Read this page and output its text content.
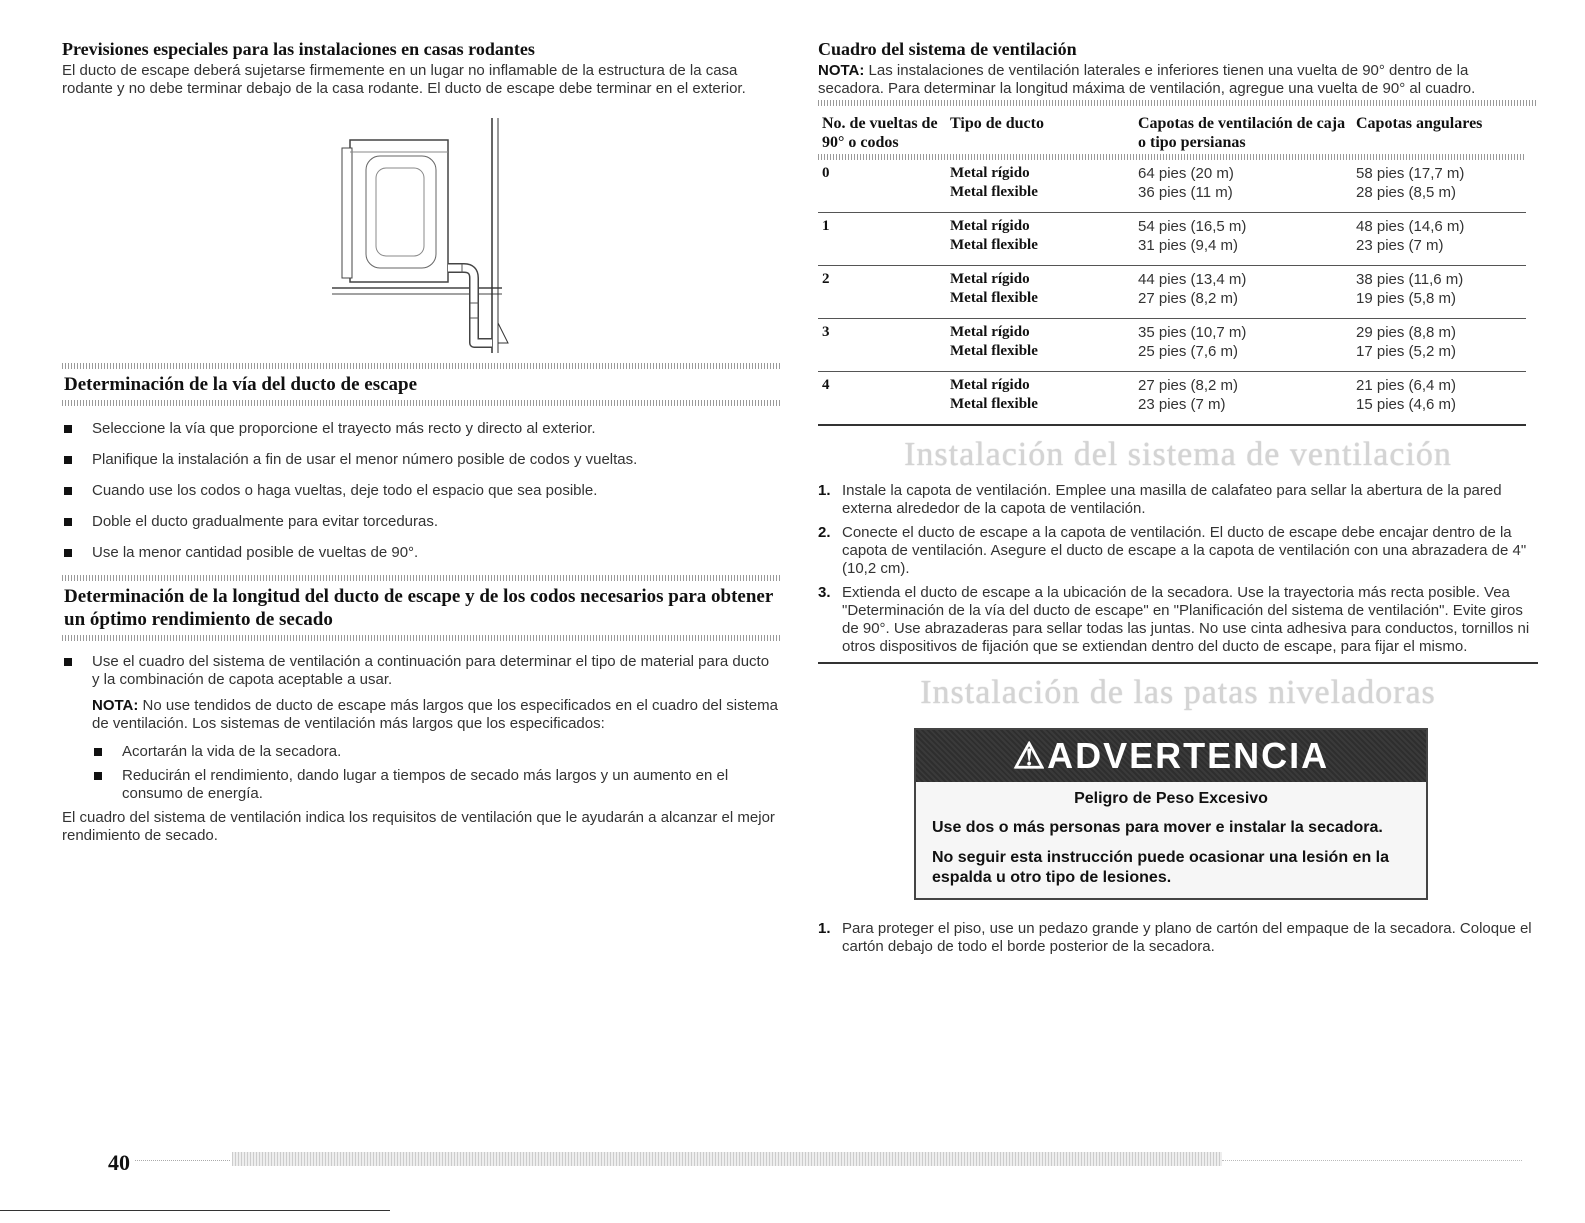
Previsiones especiales para las instalaciones en casas rodantes

El ducto de escape deberá sujetarse firmemente en un lugar no inflamable de la estructura de la casa rodante y no debe terminar debajo de la casa rodante. El ducto de escape debe terminar en el exterior.

Determinación de la vía del ducto de escape
Seleccione la vía que proporcione el trayecto más recto y directo al exterior.
Planifique la instalación a fin de usar el menor número posible de codos y vueltas.
Cuando use los codos o haga vueltas, deje todo el espacio que sea posible.
Doble el ducto gradualmente para evitar torceduras.
Use la menor cantidad posible de vueltas de 90°.
Determinación de la longitud del ducto de escape y de los codos necesarios para obtener un óptimo rendimiento de secado
Use el cuadro del sistema de ventilación a continuación para determinar el tipo de material para ducto y la combinación de capota aceptable a usar.

NOTA: No use tendidos de ducto de escape más largos que los especificados en el cuadro del sistema de ventilación. Los sistemas de ventilación más largos que los especificados:

Acortarán la vida de la secadora.
Reducirán el rendimiento, dando lugar a tiempos de secado más largos y un aumento en el consumo de energía.

El cuadro del sistema de ventilación indica los requisitos de ventilación que le ayudarán a alcanzar el mejor rendimiento de secado.

Cuadro del sistema de ventilación

NOTA: Las instalaciones de ventilación laterales e inferiores tienen una vuelta de 90° dentro de la secadora. Para determinar la longitud máxima de ventilación, agregue una vuelta de 90° al cuadro.

No. de vueltas de 90° o codos	Tipo de ducto	Capotas de ventilación de caja o tipo persianas	Capotas angulares

0	Metal rígido	64 pies (20 m)	58 pies (17,7 m)
	Metal flexible	36 pies (11 m)	28 pies (8,5 m)
1	Metal rígido	54 pies (16,5 m)	48 pies (14,6 m)
	Metal flexible	31 pies (9,4 m)	23 pies (7 m)
2	Metal rígido	44 pies (13,4 m)	38 pies (11,6 m)
	Metal flexible	27 pies (8,2 m)	19 pies (5,8 m)
3	Metal rígido	35 pies (10,7 m)	29 pies (8,8 m)
	Metal flexible	25 pies (7,6 m)	17 pies (5,2 m)
4	Metal rígido	27 pies (8,2 m)	21 pies (6,4 m)
	Metal flexible	23 pies (7 m)	15 pies (4,6 m)
Instalación del sistema de ventilación
1. Instale la capota de ventilación. Emplee una masilla de calafateo para sellar la abertura de la pared externa alrededor de la capota de ventilación.
2. Conecte el ducto de escape a la capota de ventilación. El ducto de escape debe encajar dentro de la capota de ventilación. Asegure el ducto de escape a la capota de ventilación con una abrazadera de 4" (10,2 cm).
3. Extienda el ducto de escape a la ubicación de la secadora. Use la trayectoria más recta posible. Vea "Determinación de la vía del ducto de escape" en "Planificación del sistema de ventilación". Evite giros de 90°. Use abrazaderas para sellar todas las juntas. No use cinta adhesiva para conductos, tornillos ni otros dispositivos de fijación que se extiendan dentro del ducto de escape, para fijar el mismo.
Instalación de las patas niveladoras
⚠ADVERTENCIA

Peligro de Peso Excesivo

Use dos o más personas para mover e instalar la secadora.

No seguir esta instrucción puede ocasionar una lesión en la espalda u otro tipo de lesiones.

1. Para proteger el piso, use un pedazo grande y plano de cartón del empaque de la secadora. Coloque el cartón debajo de todo el borde posterior de la secadora.
40
